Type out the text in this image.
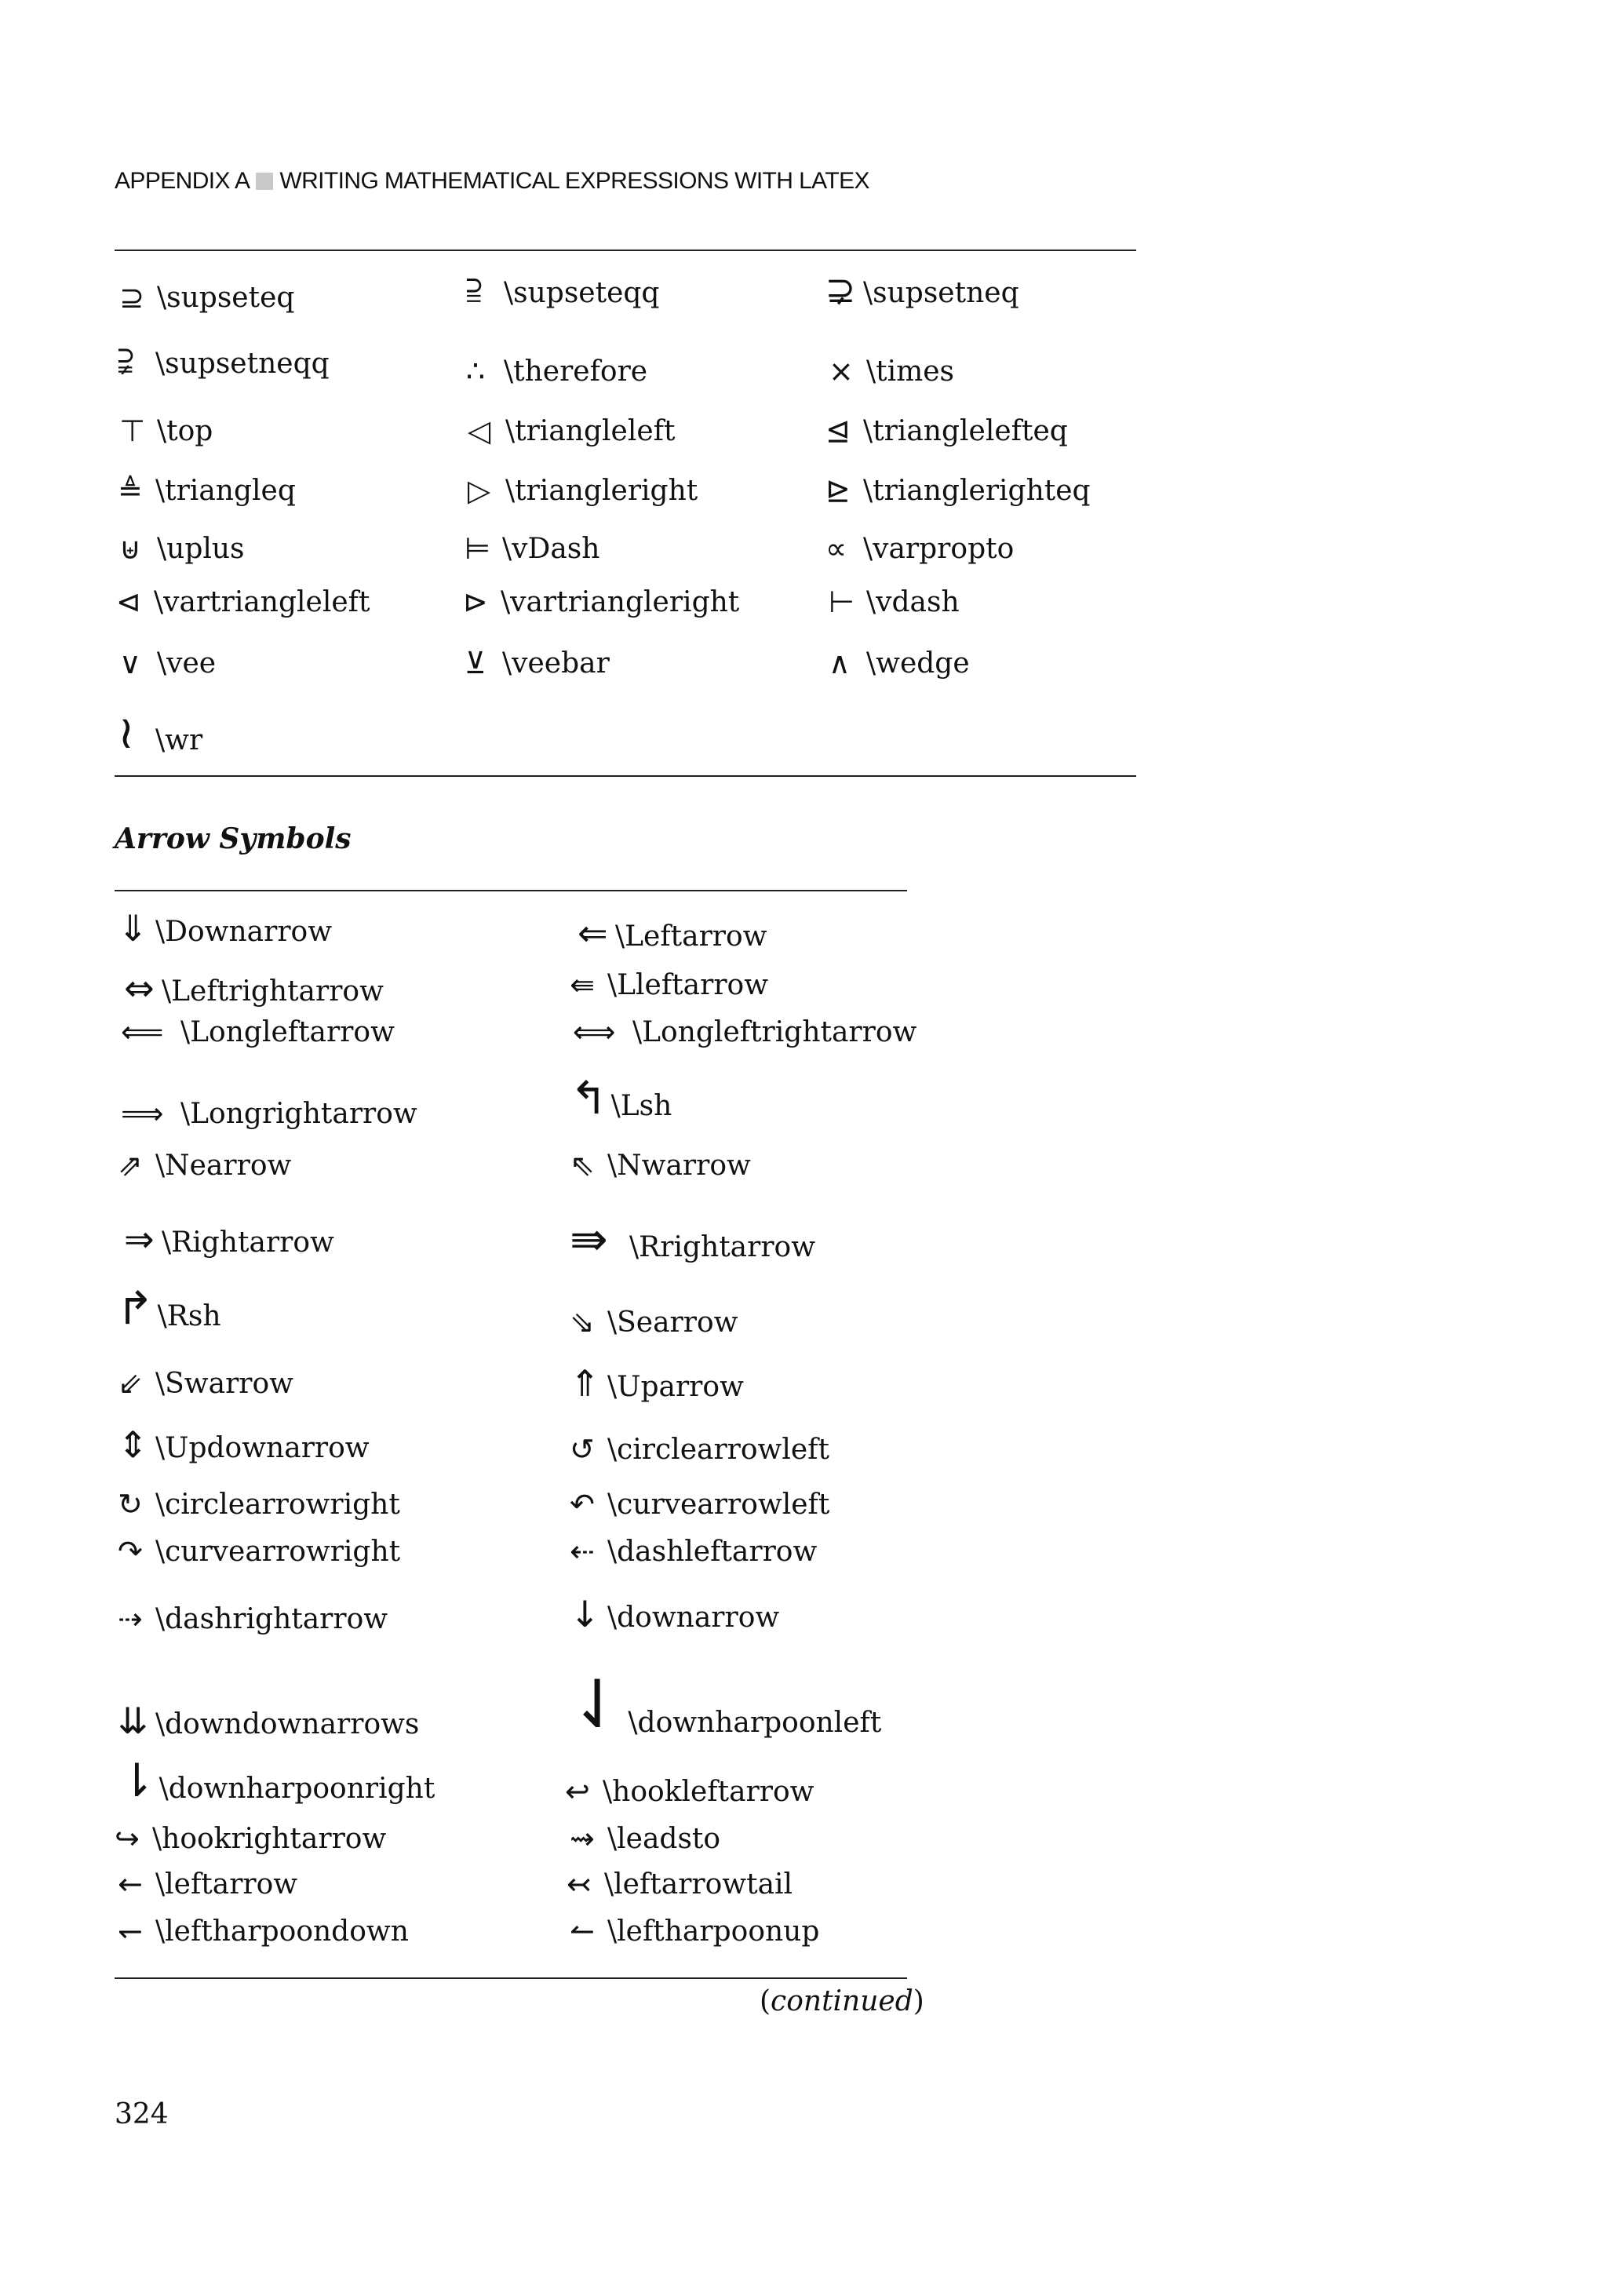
APPENDIX A WRITING MATHEMATICAL EXPRESSIONS WITH LATEX
⊇ \supseteq	⫆ \supseteqq	⊋ \supsetneq
⫌ \supsetneqq	∴ \therefore	× \times
⊤ \top	◁ \triangleleft	⊴ \trianglelefteq
≜ \triangleq	▷ \triangleright	⊵ \trianglerighteq
⊎ \uplus	⊨ \vDash	∝ \varpropto
⊲ \vartriangleleft	⊳ \vartriangleright	⊢ \vdash
∨ \vee	⊻ \veebar	∧ \wedge
≀ \wr
Arrow Symbols
⇓ \Downarrow	⇐ \Leftarrow
⇔ \Leftrightarrow	⇚ \Lleftarrow
⟸ \Longleftarrow	⟺ \Longleftrightarrow
⟹ \Longrightarrow	↰ \Lsh
⇗ \Nearrow	⇖ \Nwarrow
⇒ \Rightarrow	⇛ \Rrightarrow
↱ \Rsh	⇘ \Searrow
⇙ \Swarrow	⇑ \Uparrow
⇕ \Updownarrow	↺ \circlearrowleft
↻ \circlearrowright	↶ \curvearrowleft
↷ \curvearrowright	⇠ \dashleftarrow
⇢ \dashrightarrow	↓ \downarrow
⇊ \downdownarrows ⇃ \downharpoonleft
⇂ \downharpoonright	↩ \hookleftarrow
↪ \hookrightarrow	⇝ \leadsto
← \leftarrow	↢ \leftarrowtail
↽ \leftharpoondown	↼ \leftharpoonup
(continued)
324
